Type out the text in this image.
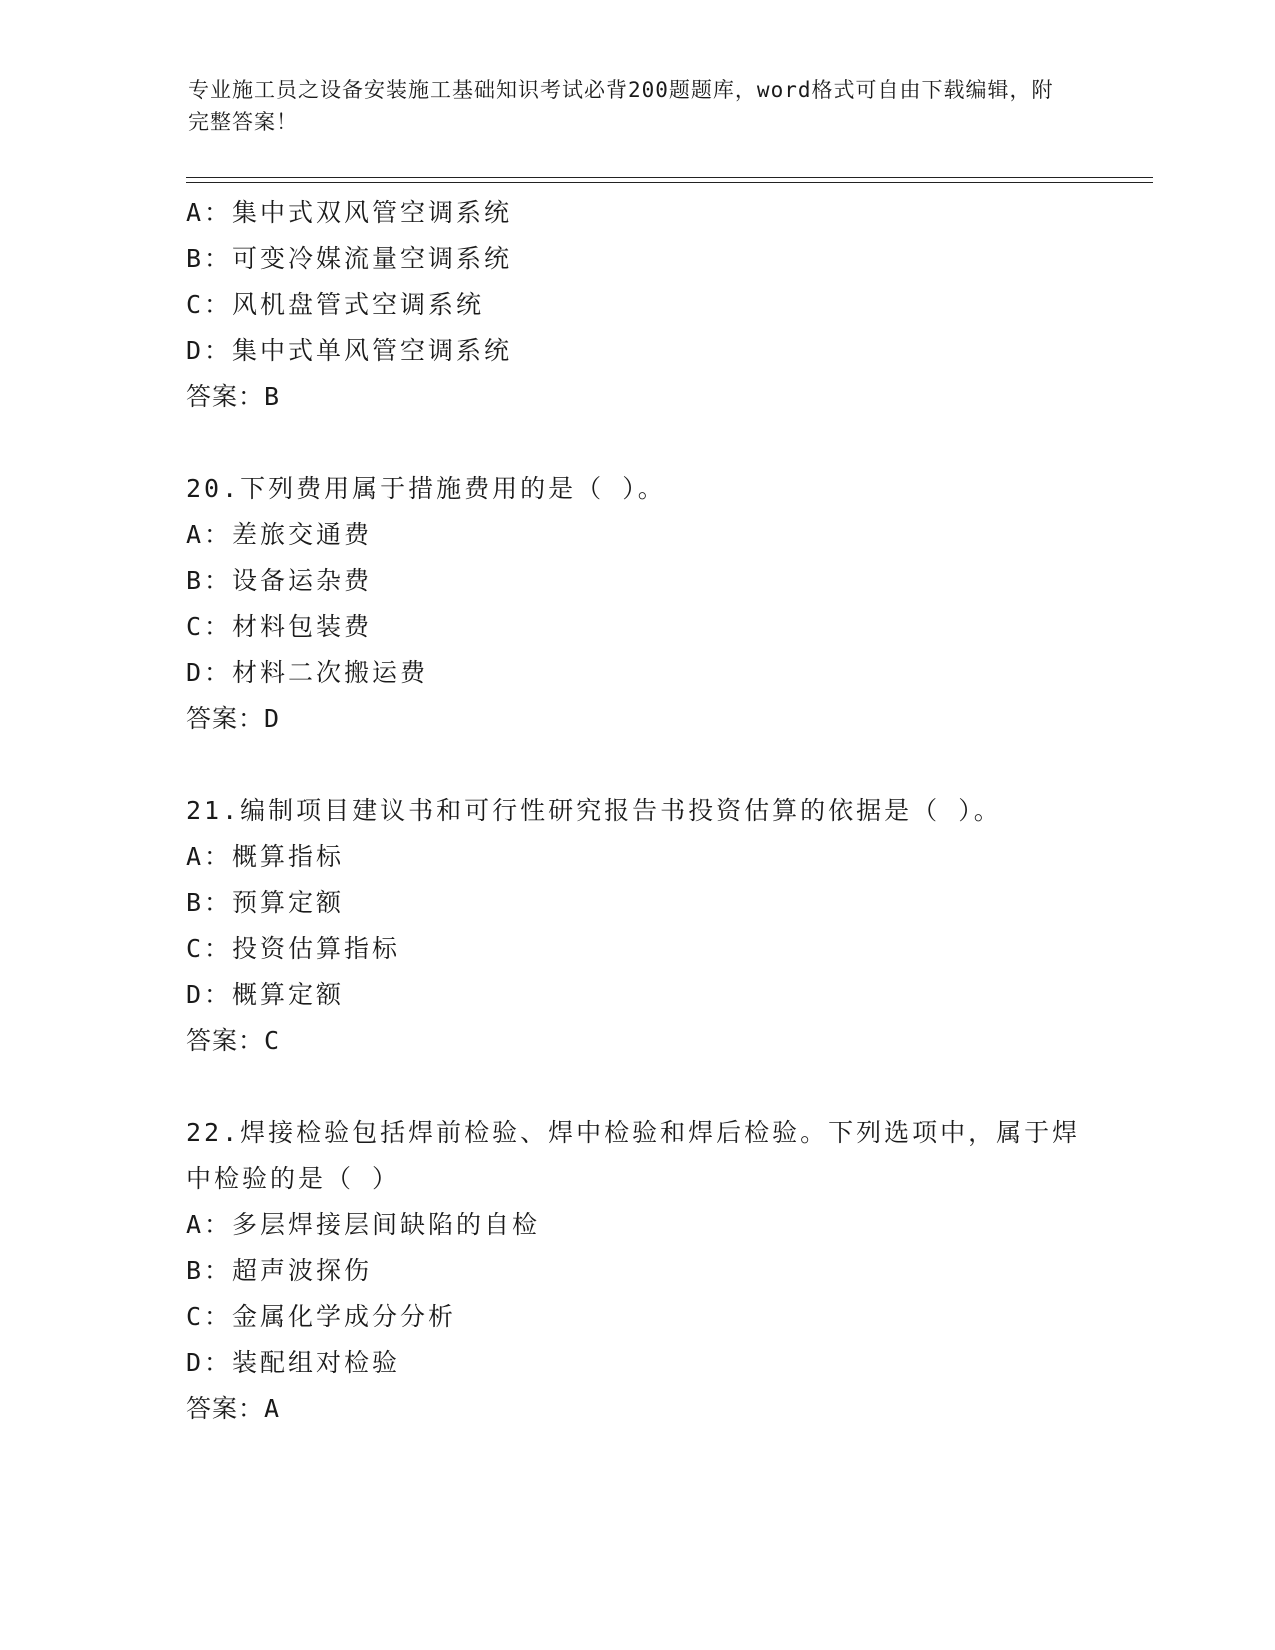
专业施工员之设备安装施工基础知识考试必背200题题库，word格式可自由下载编辑，附完整答案！
A：集中式双风管空调系统
B：可变冷媒流量空调系统
C：风机盘管式空调系统
D：集中式单风管空调系统
答案：B
20.下列费用属于措施费用的是（ ）。
A：差旅交通费
B：设备运杂费
C：材料包装费
D：材料二次搬运费
答案：D
21.编制项目建议书和可行性研究报告书投资估算的依据是（ ）。
A：概算指标
B：预算定额
C：投资估算指标
D：概算定额
答案：C
22.焊接检验包括焊前检验、焊中检验和焊后检验。下列选项中，属于焊中检验的是（ ）
A：多层焊接层间缺陷的自检
B：超声波探伤
C：金属化学成分分析
D：装配组对检验
答案：A
